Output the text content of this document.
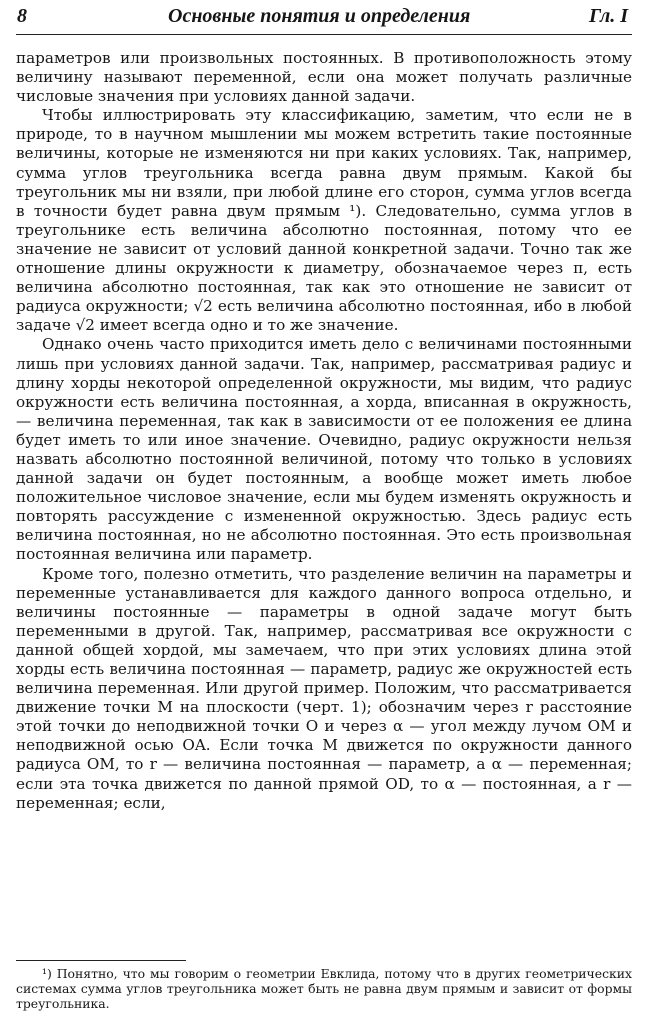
8	Основные понятия и определения	Гл. I

параметров или произвольных постоянных. В противоположность этому величину называют переменной, если она может получать различные числовые значения при условиях данной задачи.

Чтобы иллюстрировать эту классификацию, заметим, что если не в природе, то в научном мышлении мы можем встретить такие постоянные величины, которые не изменяются ни при каких условиях. Так, например, сумма углов треугольника всегда равна двум прямым. Какой бы треугольник мы ни взяли, при любой длине его сторон, сумма углов всегда в точности будет равна двум прямым ¹). Следовательно, сумма углов в треугольнике есть величина абсолютно постоянная, потому что ее значение не зависит от условий данной конкретной задачи. Точно так же отношение длины окружности к диаметру, обозначаемое через π, есть величина абсолютно постоянная, так как это отношение не зависит от радиуса окружности; √2 есть величина абсолютно постоянная, ибо в любой задаче √2 имеет всегда одно и то же значение.

Однако очень часто приходится иметь дело с величинами постоянными лишь при условиях данной задачи. Так, например, рассматривая радиус и длину хорды некоторой определенной окружности, мы видим, что радиус окружности есть величина постоянная, а хорда, вписанная в окружность, — величина переменная, так как в зависимости от ее положения ее длина будет иметь то или иное значение. Очевидно, радиус окружности нельзя назвать абсолютно постоянной величиной, потому что только в условиях данной задачи он будет постоянным, а вообще может иметь любое положительное числовое значение, если мы будем изменять окружность и повторять рассуждение с измененной окружностью. Здесь радиус есть величина постоянная, но не абсолютно постоянная. Это есть произвольная постоянная величина или параметр.

Кроме того, полезно отметить, что разделение величин на параметры и переменные устанавливается для каждого данного вопроса отдельно, и величины постоянные — параметры в одной задаче могут быть переменными в другой. Так, например, рассматривая все окружности с данной общей хордой, мы замечаем, что при этих условиях длина этой хорды есть величина постоянная — параметр, радиус же окружностей есть величина переменная. Или другой пример. Положим, что рассматривается движение точки M на плоскости (черт. 1); обозначим через r расстояние этой точки до неподвижной точки O и через α — угол между лучом OM и неподвижной осью OA. Если точка M движется по окружности данного радиуса OM, то r — величина постоянная — параметр, а α — переменная; если эта точка движется по данной прямой OD, то α — постоянная, а r — переменная; если,

¹) Понятно, что мы говорим о геометрии Евклида, потому что в других геометрических системах сумма углов треугольника может быть не равна двум прямым и зависит от формы треугольника.
